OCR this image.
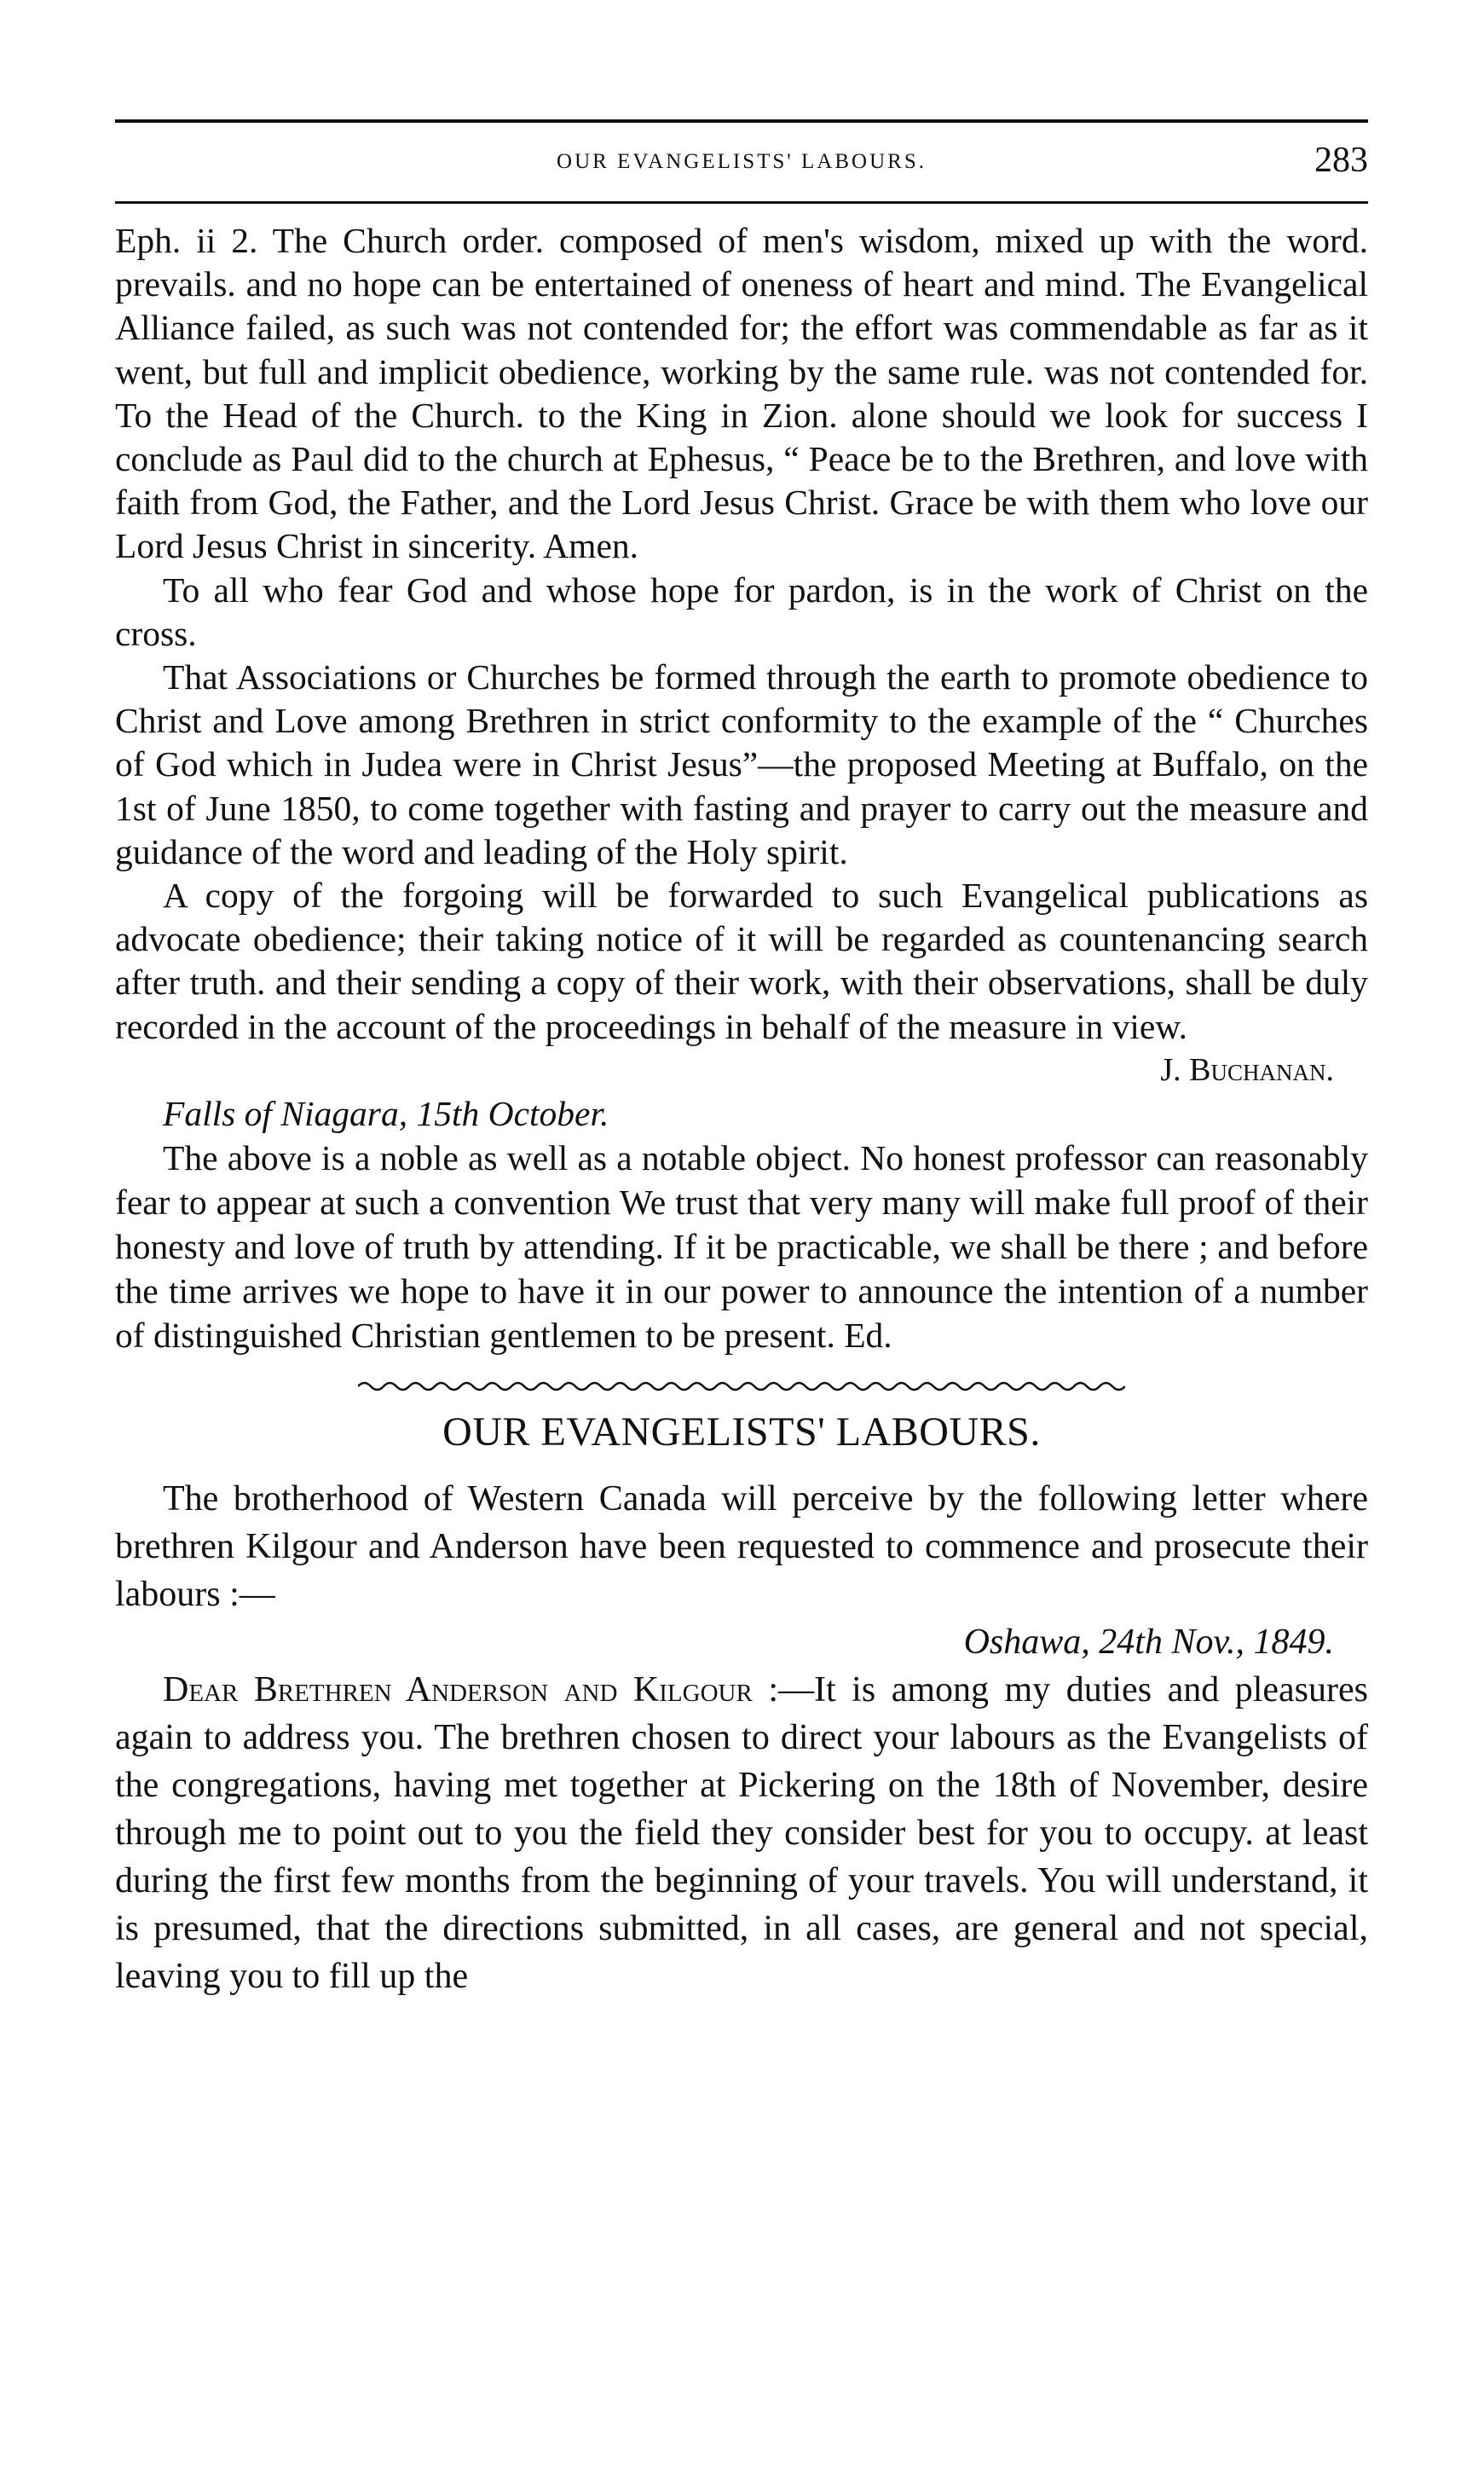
OUR EVANGELISTS' LABOURS.	283

Eph. ii 2. The Church order. composed of men's wisdom, mixed up with the word. prevails. and no hope can be entertained of oneness of heart and mind. The Evangelical Alliance failed, as such was not contended for; the effort was commendable as far as it went, but full and implicit obedience, working by the same rule. was not contended for. To the Head of the Church. to the King in Zion. alone should we look for success I conclude as Paul did to the church at Ephesus, “ Peace be to the Brethren, and love with faith from God, the Father, and the Lord Jesus Christ. Grace be with them who love our Lord Jesus Christ in sincerity. Amen.

To all who fear God and whose hope for pardon, is in the work of Christ on the cross.

That Associations or Churches be formed through the earth to promote obedience to Christ and Love among Brethren in strict conformity to the example of the “ Churches of God which in Judea were in Christ Jesus”—the proposed Meeting at Buffalo, on the 1st of June 1850, to come together with fasting and prayer to carry out the measure and guidance of the word and leading of the Holy spirit.

A copy of the forgoing will be forwarded to such Evangelical publications as advocate obedience; their taking notice of it will be regarded as countenancing search after truth. and their sending a copy of their work, with their observations, shall be duly recorded in the account of the proceedings in behalf of the measure in view.

J. Buchanan.

Falls of Niagara, 15th October.

The above is a noble as well as a notable object. No honest professor can reasonably fear to appear at such a convention We trust that very many will make full proof of their honesty and love of truth by attending. If it be practicable, we shall be there ; and before the time arrives we hope to have it in our power to announce the intention of a number of distinguished Christian gentlemen to be present. Ed.

OUR EVANGELISTS' LABOURS.

The brotherhood of Western Canada will perceive by the following letter where brethren Kilgour and Anderson have been requested to commence and prosecute their labours :—

Oshawa, 24th Nov., 1849.

Dear Brethren Anderson and Kilgour :—It is among my duties and pleasures again to address you. The brethren chosen to direct your labours as the Evangelists of the congregations, having met together at Pickering on the 18th of November, desire through me to point out to you the field they consider best for you to occupy. at least during the first few months from the beginning of your travels. You will understand, it is presumed, that the directions submitted, in all cases, are general and not special, leaving you to fill up the
